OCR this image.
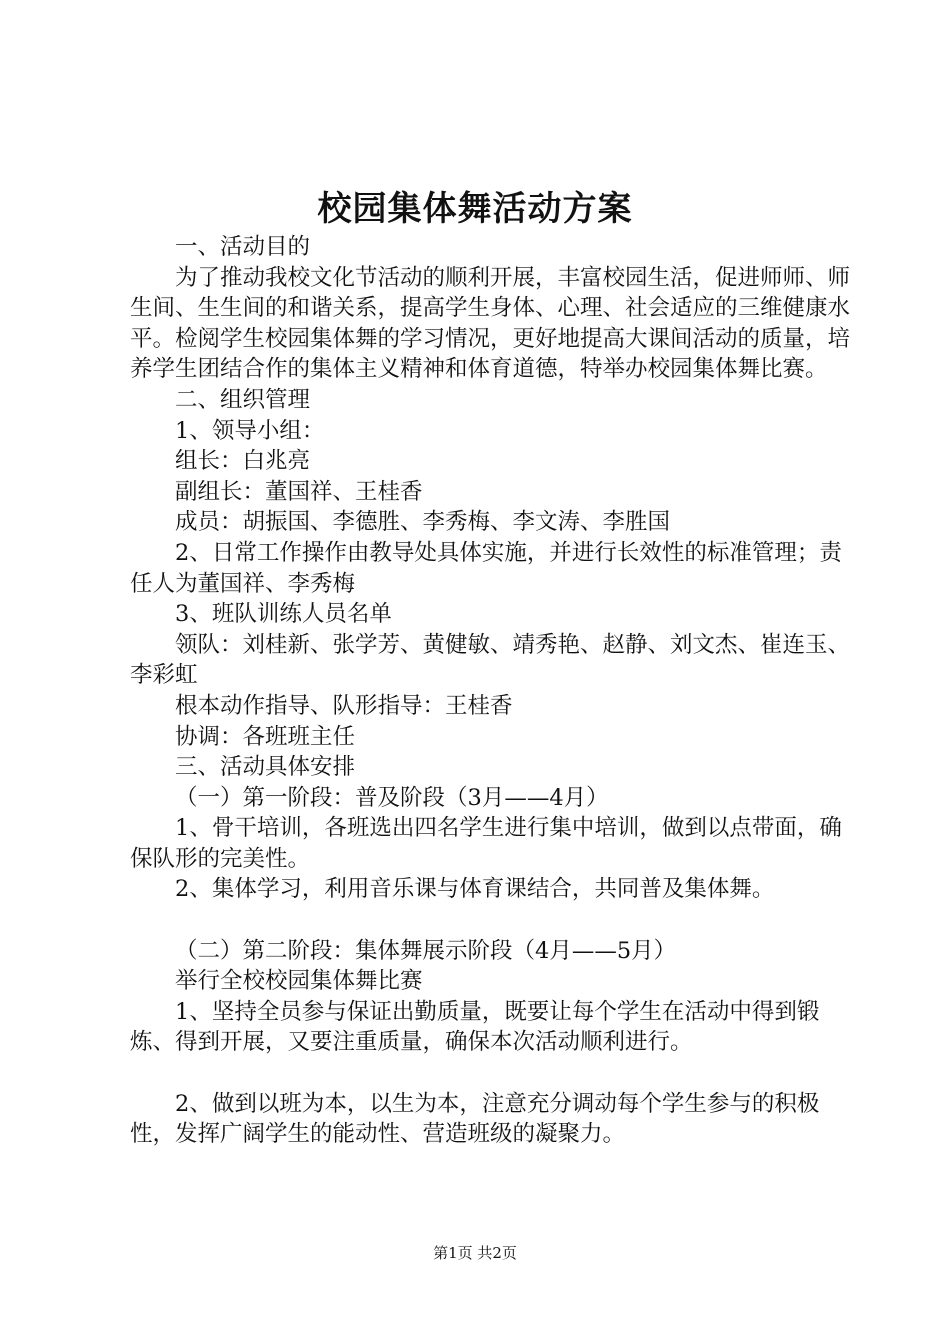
校园集体舞活动方案

一、活动目的

为了推动我校文化节活动的顺利开展，丰富校园生活，促进师师、师生间、生生间的和谐关系，提高学生身体、心理、社会适应的三维健康水平。检阅学生校园集体舞的学习情况，更好地提高大课间活动的质量，培养学生团结合作的集体主义精神和体育道德，特举办校园集体舞比赛。

二、组织管理

1、领导小组：

组长：白兆亮

副组长：董国祥、王桂香

成员：胡振国、李德胜、李秀梅、李文涛、李胜国

2、日常工作操作由教导处具体实施，并进行长效性的标准管理；责任人为董国祥、李秀梅

3、班队训练人员名单

领队：刘桂新、张学芳、黄健敏、靖秀艳、赵静、刘文杰、崔连玉、李彩虹

根本动作指导、队形指导：王桂香

协调：各班班主任

三、活动具体安排

（一）第一阶段：普及阶段（3月——4月）

1、骨干培训，各班选出四名学生进行集中培训，做到以点带面，确保队形的完美性。

2、集体学习，利用音乐课与体育课结合，共同普及集体舞。

（二）第二阶段：集体舞展示阶段（4月——5月）

举行全校校园集体舞比赛

1、坚持全员参与保证出勤质量，既要让每个学生在活动中得到锻炼、得到开展，又要注重质量，确保本次活动顺利进行。

2、做到以班为本，以生为本，注意充分调动每个学生参与的积极性，发挥广阔学生的能动性、营造班级的凝聚力。

第1页 共2页
